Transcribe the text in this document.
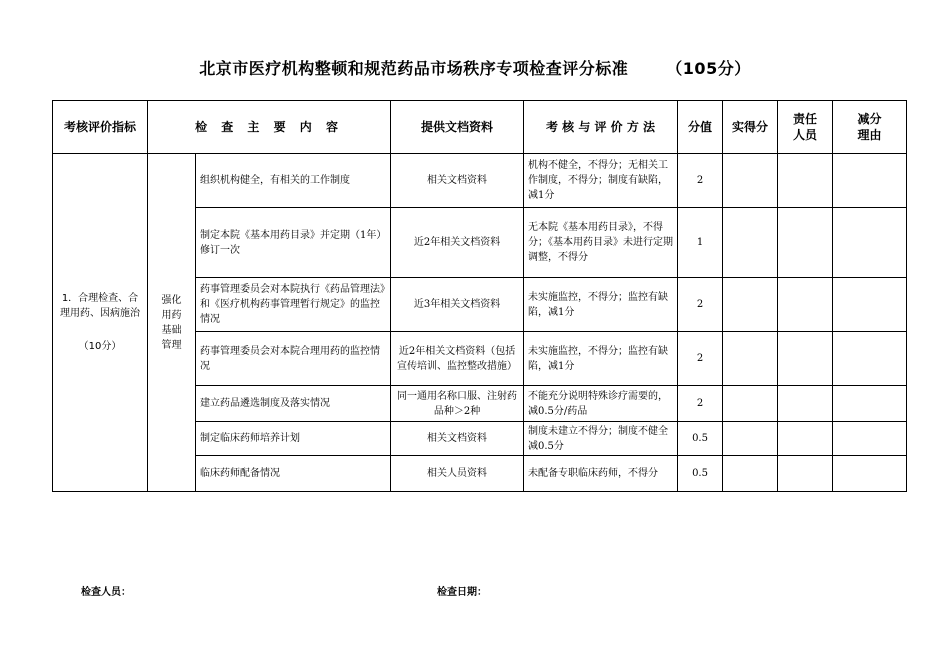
北京市医疗机构整顿和规范药品市场秩序专项检查评分标准 （105分）
考核评价指标	检 查 主 要 内 容		提供文档资料	考 核 与 评 价 方 法	分值	实得分	责任人员	减分理由
1．合理检查、合理用药、因病施治
（10分）	强化用药基础管理	组织机构健全，有相关的工作制度	相关文档资料	机构不健全，不得分；无相关工作制度，不得分；制度有缺陷，减1分	2			
		制定本院《基本用药目录》并定期（1年）修订一次	近2年相关文档资料	无本院《基本用药目录》，不得分；《基本用药目录》未进行定期调整，不得分	1			
		药事管理委员会对本院执行《药品管理法》和《医疗机构药事管理暂行规定》的监控情况	近3年相关文档资料	未实施监控，不得分；监控有缺陷，减1分	2			
		药事管理委员会对本院合理用药的监控情况	近2年相关文档资料（包括宣传培训、监控整改措施）	未实施监控，不得分；监控有缺陷，减1分	2			
		建立药品遴选制度及落实情况	同一通用名称口服、注射药品种＞2种	不能充分说明特殊诊疗需要的，减0.5分/药品	2			
		制定临床药师培养计划	相关文档资料	制度未建立不得分；制度不健全减0.5分	0.5			
		临床药师配备情况	相关人员资料	未配备专职临床药师，不得分	0.5			
检查人员：	检查日期：
